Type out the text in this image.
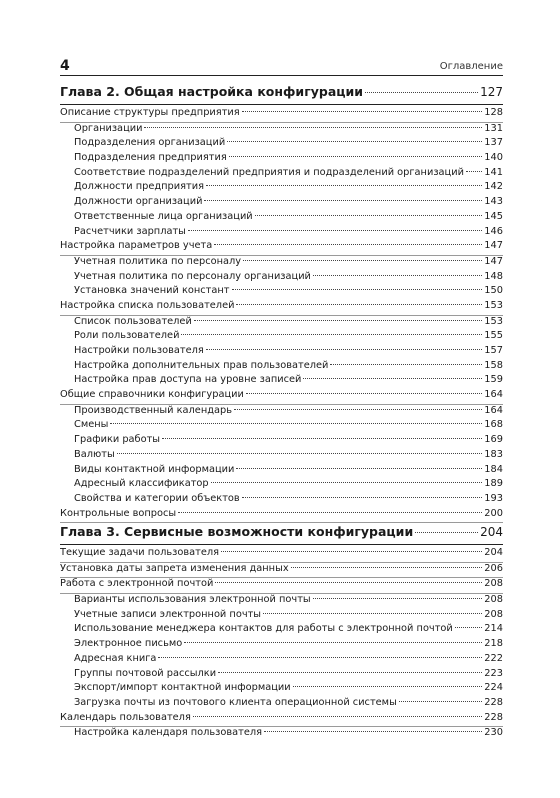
4	Оглавление
Глава 2. Общая настройка конфигурации	127
Описание структуры предприятия	128
Организации	131
Подразделения организаций	137
Подразделения предприятия	140
Соответствие подразделений предприятия и подразделений организаций 141
Должности предприятия	142
Должности организаций	143
Ответственные лица организаций	145
Расчетчики зарплаты	146
Настройка параметров учета	147
Учетная политика по персоналу	147
Учетная политика по персоналу организаций	148
Установка значений констант	150
Настройка списка пользователей	153
Список пользователей	153
Роли пользователей	155
Настройки пользователя	157
Настройка дополнительных прав пользователей	158
Настройка прав доступа на уровне записей	159
Общие справочники конфигурации	164
Производственный календарь	164
Смены	168
Графики работы	169
Валюты	183
Виды контактной информации	184
Адресный классификатор	189
Свойства и категории объектов	193
Контрольные вопросы	200
Глава 3. Сервисные возможности конфигурации	204
Текущие задачи пользователя	204
Установка даты запрета изменения данных	206
Работа с электронной почтой	208
Варианты использования электронной почты	208
Учетные записи электронной почты	208
Использование менеджера контактов для работы с электронной почтой	214
Электронное письмо	218
Адресная книга	222
Группы почтовой рассылки	223
Экспорт/импорт контактной информации	224
Загрузка почты из почтового клиента операционной системы	228
Календарь пользователя	228
Настройка календаря пользователя	230
